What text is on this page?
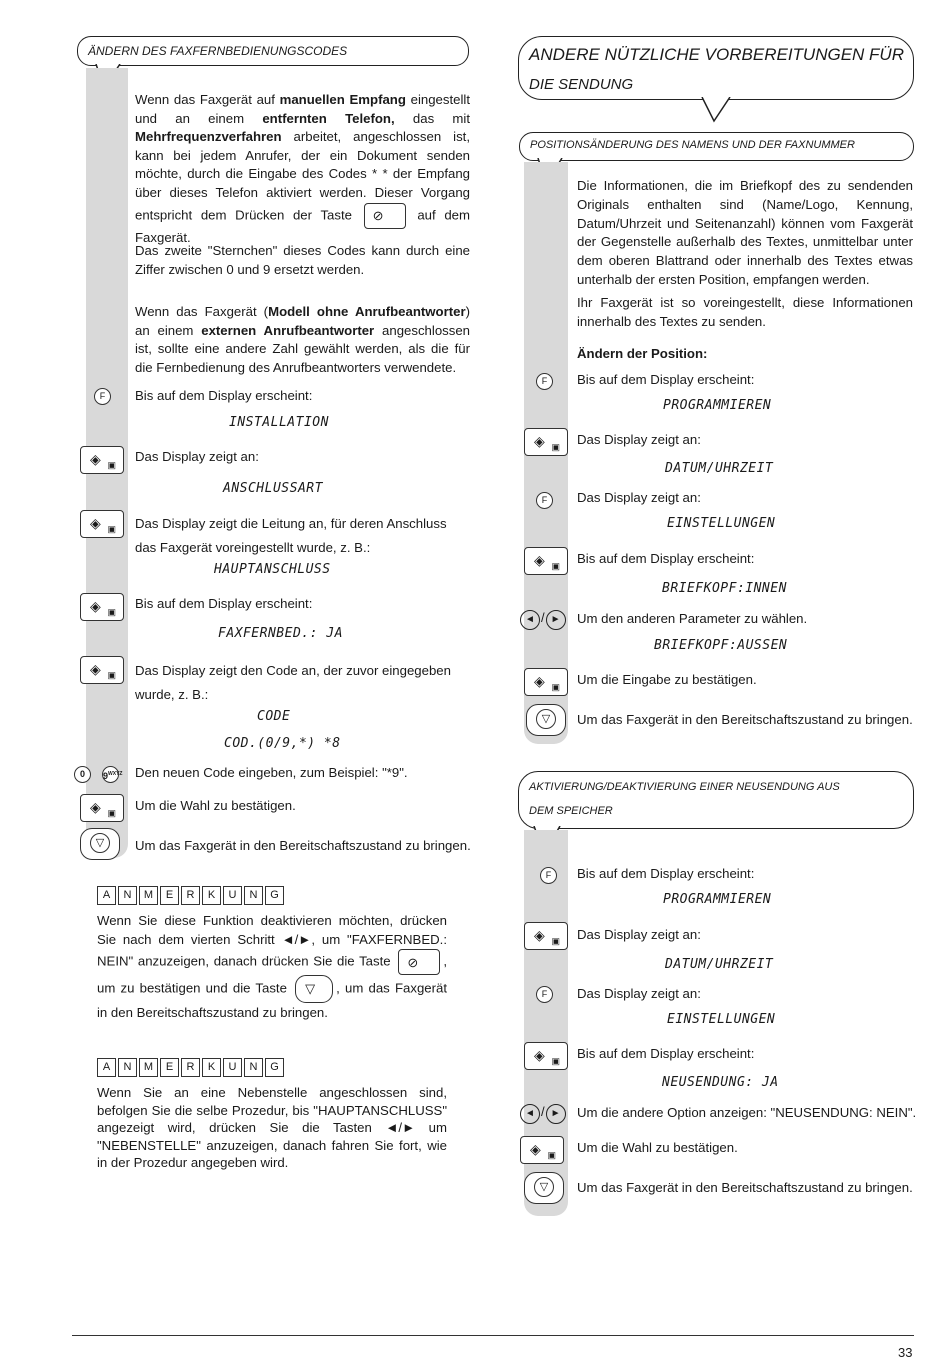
ÄNDERN DES FAXFERNBEDIENUNGSCODES
Wenn das Faxgerät auf manuellen Empfang eingestellt und an einem entfernten Telefon, das mit Mehrfrequenzverfahren arbeitet, angeschlossen ist, kann bei jedem Anrufer, der ein Dokument senden möchte, durch die Eingabe des Codes * * der Empfang über dieses Telefon aktiviert werden. Dieser Vorgang entspricht dem Drücken der Taste ⊘	auf dem Faxgerät.
Das zweite "Sternchen" dieses Codes kann durch eine Ziffer zwischen 0 und 9 ersetzt werden.
Wenn das Faxgerät (Modell ohne Anrufbeantworter) an einem externen Anrufbeantworter angeschlossen ist, sollte eine andere Zahl gewählt werden, als die für die Fernbedienung des Anrufbeantworters verwendete.
F	Bis auf dem Display erscheint:
INSTALLATION
◈ ▣
Das Display zeigt an:
ANSCHLUSSART
◈ ▣ Das Display zeigt die Leitung an, für deren Anschluss das Faxgerät voreingestellt wurde, z. B.:
HAUPTANSCHLUSS
◈ ▣
Bis auf dem Display erscheint:
FAXFERNBED.: JA
◈ ▣ Das Display zeigt den Code an, der zuvor eingegeben wurde, z. B.:
CODE
COD.(0/9,*) *8
0	$9^{WXYZ}$ Den neuen Code eingeben, zum Beispiel: "*9".
◈ ▣ Um die Wahl zu bestätigen.
▽	Um das Faxgerät in den Bereitschaftszustand zu bringen.
A N M E R K U N G
Wenn Sie diese Funktion deaktivieren möchten, drücken Sie nach dem vierten Schritt ◄/►, um "FAXFERNBED.: NEIN" anzuzeigen, danach drücken Sie die Taste ⊘ , um zu bestätigen und die Taste ▽ , um das Faxgerät in den Bereitschaftszustand zu bringen.
A N M E R K U N G
Wenn Sie an eine Nebenstelle angeschlossen sind, befolgen Sie die selbe Prozedur, bis "HAUPTANSCHLUSS" angezeigt wird, drücken Sie die Tasten ◄/► um "NEBENSTELLE" anzuzeigen, danach fahren Sie fort, wie in der Prozedur angegeben wird.
ANDERE NÜTZLICHE VORBEREITUNGEN FÜR
DIE SENDUNG
POSITIONSÄNDERUNG DES NAMENS UND DER FAXNUMMER
Die Informationen, die im Briefkopf des zu sendenden Originals enthalten sind (Name/Logo, Kennung, Datum/Uhrzeit und Seitenanzahl) können vom Faxgerät der Gegenstelle außerhalb des Textes, unmittelbar unter dem oberen Blattrand oder innerhalb des Textes etwas unterhalb der ersten Position, empfangen werden.
Ihr Faxgerät ist so voreingestellt, diese Informationen innerhalb des Textes zu senden.
Ändern der Position:
F	Bis auf dem Display erscheint:
PROGRAMMIEREN
◈ ▣ Das Display zeigt an:
DATUM/UHRZEIT
F	Das Display zeigt an:
EINSTELLUNGEN
◈ ▣ Bis auf dem Display erscheint:
BRIEFKOPF:INNEN
◄ / ►	Um den anderen Parameter zu wählen.
BRIEFKOPF:AUSSEN
◈ ▣ Um die Eingabe zu bestätigen.
▽	Um das Faxgerät in den Bereitschaftszustand zu bringen.
AKTIVIERUNG/DEAKTIVIERUNG EINER NEUSENDUNG AUS
DEM SPEICHER
F	Bis auf dem Display erscheint:
PROGRAMMIEREN
◈ ▣ Das Display zeigt an:
DATUM/UHRZEIT
F	Das Display zeigt an:
EINSTELLUNGEN
◈ ▣ Bis auf dem Display erscheint:
NEUSENDUNG: JA
◄ / ►	Um die andere Option anzeigen: "NEUSENDUNG: NEIN".
◈ ▣ Um die Wahl zu bestätigen.
▽	Um das Faxgerät in den Bereitschaftszustand zu bringen.
33
